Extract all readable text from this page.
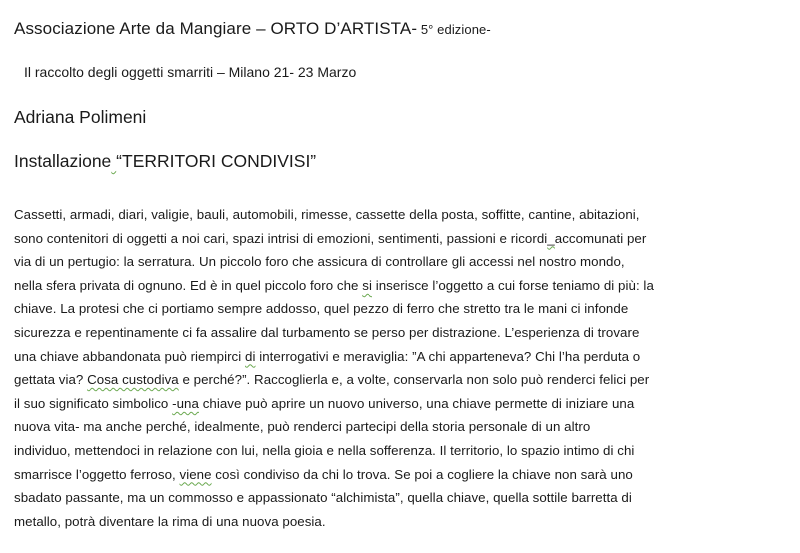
Associazione Arte da Mangiare – ORTO D’ARTISTA- 5° edizione-
Il raccolto degli oggetti smarriti – Milano 21- 23 Marzo
Adriana Polimeni
Installazione “TERRITORI CONDIVISI”
Cassetti, armadi, diari, valigie, bauli, automobili, rimesse, cassette della posta, soffitte, cantine, abitazioni,
sono contenitori di oggetti a noi cari, spazi intrisi di emozioni, sentimenti, passioni e ricordi_accomunati per
via di un pertugio: la serratura. Un piccolo foro che assicura di controllare gli accessi nel nostro mondo,
nella sfera privata di ognuno. Ed è in quel piccolo foro che si inserisce l’oggetto a cui forse teniamo di più: la
chiave. La protesi che ci portiamo sempre addosso, quel pezzo di ferro che stretto tra le mani ci infonde
sicurezza e repentinamente ci fa assalire dal turbamento se perso per distrazione. L’esperienza di trovare
una chiave abbandonata può riempirci di interrogativi e meraviglia: ”A chi apparteneva? Chi l’ha perduta o
gettata via? Cosa custodiva e perché?”. Raccoglierla e, a volte, conservarla non solo può renderci felici per
il suo significato simbolico -una chiave può aprire un nuovo universo, una chiave permette di iniziare una
nuova vita- ma anche perché, idealmente, può renderci partecipi della storia personale di un altro
individuo, mettendoci in relazione con lui, nella gioia e nella sofferenza. Il territorio, lo spazio intimo di chi
smarrisce l’oggetto ferroso, viene così condiviso da chi lo trova. Se poi a cogliere la chiave non sarà uno
sbadato passante, ma un commosso e appassionato “alchimista”, quella chiave, quella sottile barretta di
metallo, potrà diventare la rima di una nuova poesia.
